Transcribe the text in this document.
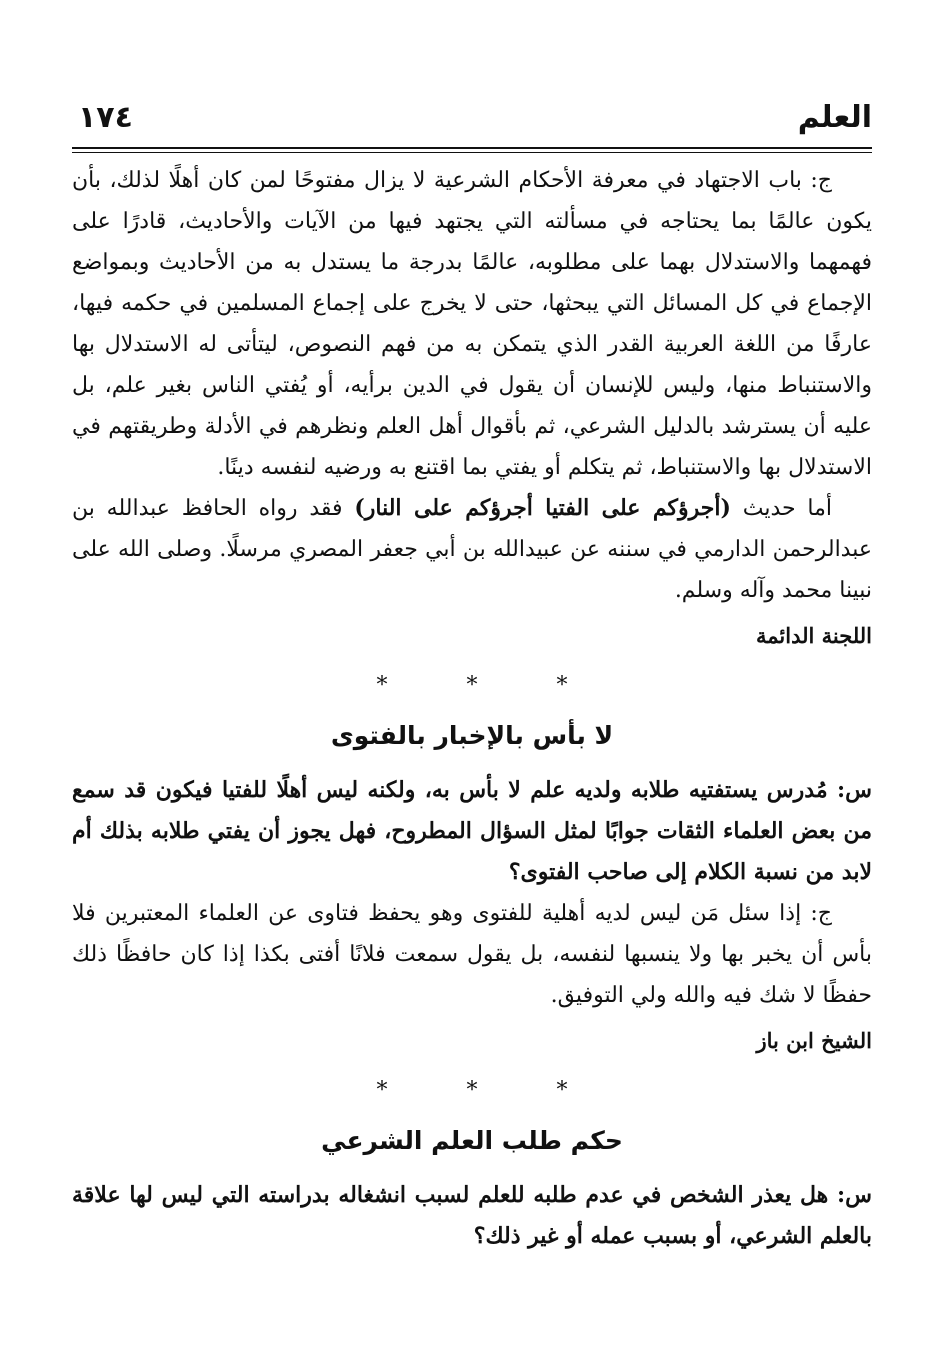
العلم
١٧٤

ج: باب الاجتهاد في معرفة الأحكام الشرعية لا يزال مفتوحًا لمن كان أهلًا لذلك، بأن يكون عالمًا بما يحتاجه في مسألته التي يجتهد فيها من الآيات والأحاديث، قادرًا على فهمهما والاستدلال بهما على مطلوبه، عالمًا بدرجة ما يستدل به من الأحاديث وبمواضع الإجماع في كل المسائل التي يبحثها، حتى لا يخرج على إجماع المسلمين في حكمه فيها، عارفًا من اللغة العربية القدر الذي يتمكن به من فهم النصوص، ليتأتى له الاستدلال بها والاستنباط منها، وليس للإنسان أن يقول في الدين برأيه، أو يُفتي الناس بغير علم، بل عليه أن يسترشد بالدليل الشرعي، ثم بأقوال أهل العلم ونظرهم في الأدلة وطريقتهم في الاستدلال بها والاستنباط، ثم يتكلم أو يفتي بما اقتنع به ورضيه لنفسه دينًا.

أما حديث (أجرؤكم على الفتيا أجرؤكم على النار) فقد رواه الحافظ عبدالله بن عبدالرحمن الدارمي في سننه عن عبيدالله بن أبي جعفر المصري مرسلًا. وصلى الله على نبينا محمد وآله وسلم.

اللجنة الدائمة
* * *
لا بأس بالإخبار بالفتوى

س: مُدرس يستفتيه طلابه ولديه علم لا بأس به، ولكنه ليس أهلًا للفتيا فيكون قد سمع من بعض العلماء الثقات جوابًا لمثل السؤال المطروح، فهل يجوز أن يفتي طلابه بذلك أم لابد من نسبة الكلام إلى صاحب الفتوى؟

ج: إذا سئل مَن ليس لديه أهلية للفتوى وهو يحفظ فتاوى عن العلماء المعتبرين فلا بأس أن يخبر بها ولا ينسبها لنفسه، بل يقول سمعت فلانًا أفتى بكذا إذا كان حافظًا ذلك حفظًا لا شك فيه والله ولي التوفيق.

الشيخ ابن باز
* * *
حكم طلب العلم الشرعي

س: هل يعذر الشخص في عدم طلبه للعلم لسبب انشغاله بدراسته التي ليس لها علاقة بالعلم الشرعي، أو بسبب عمله أو غير ذلك؟
